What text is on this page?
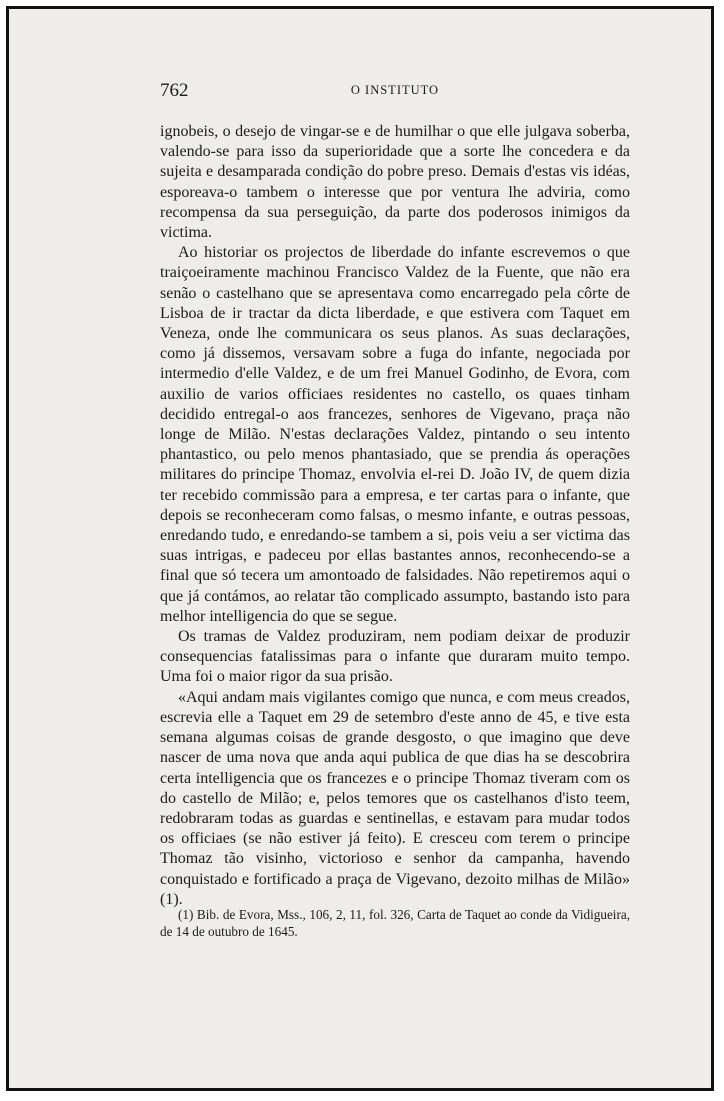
762	O INSTITUTO

ignobeis, o desejo de vingar-se e de humilhar o que elle julgava soberba, valendo-se para isso da superioridade que a sorte lhe concedera e da sujeita e desamparada condição do pobre preso. Demais d'estas vis idéas, esporeava-o tambem o interesse que por ventura lhe adviria, como recompensa da sua perseguição, da parte dos poderosos inimigos da victima.

Ao historiar os projectos de liberdade do infante escrevemos o que traiçoeiramente machinou Francisco Valdez de la Fuente, que não era senão o castelhano que se apresentava como encarregado pela côrte de Lisboa de ir tractar da dicta liberdade, e que estivera com Taquet em Veneza, onde lhe communicara os seus planos. As suas declarações, como já dissemos, versavam sobre a fuga do infante, negociada por intermedio d'elle Valdez, e de um frei Manuel Godinho, de Evora, com auxilio de varios officiaes residentes no castello, os quaes tinham decidido entregal-o aos francezes, senhores de Vigevano, praça não longe de Milão. N'estas declarações Valdez, pintando o seu intento phantastico, ou pelo menos phantasiado, que se prendia ás operações militares do principe Thomaz, envolvia el-rei D. João IV, de quem dizia ter recebido commissão para a empresa, e ter cartas para o infante, que depois se reconheceram como falsas, o mesmo infante, e outras pessoas, enredando tudo, e enredando-se tambem a si, pois veiu a ser victima das suas intrigas, e padeceu por ellas bastantes annos, reconhecendo-se a final que só tecera um amontoado de falsidades. Não repetiremos aqui o que já contámos, ao relatar tão complicado assumpto, bastando isto para melhor intelligencia do que se segue.

Os tramas de Valdez produziram, nem podiam deixar de produzir consequencias fatalissimas para o infante que duraram muito tempo. Uma foi o maior rigor da sua prisão.

«Aqui andam mais vigilantes comigo que nunca, e com meus creados, escrevia elle a Taquet em 29 de setembro d'este anno de 45, e tive esta semana algumas coisas de grande desgosto, o que imagino que deve nascer de uma nova que anda aqui publica de que dias ha se descobrira certa intelligencia que os francezes e o principe Thomaz tiveram com os do castello de Milão; e, pelos temores que os castelhanos d'isto teem, redobraram todas as guardas e sentinellas, e estavam para mudar todos os officiaes (se não estiver já feito). E cresceu com terem o principe Thomaz tão visinho, victorioso e senhor da campanha, havendo conquistado e fortificado a praça de Vigevano, dezoito milhas de Milão» (1).

(1) Bib. de Evora, Mss., 106, 2, 11, fol. 326, Carta de Taquet ao conde da Vidigueira, de 14 de outubro de 1645.
